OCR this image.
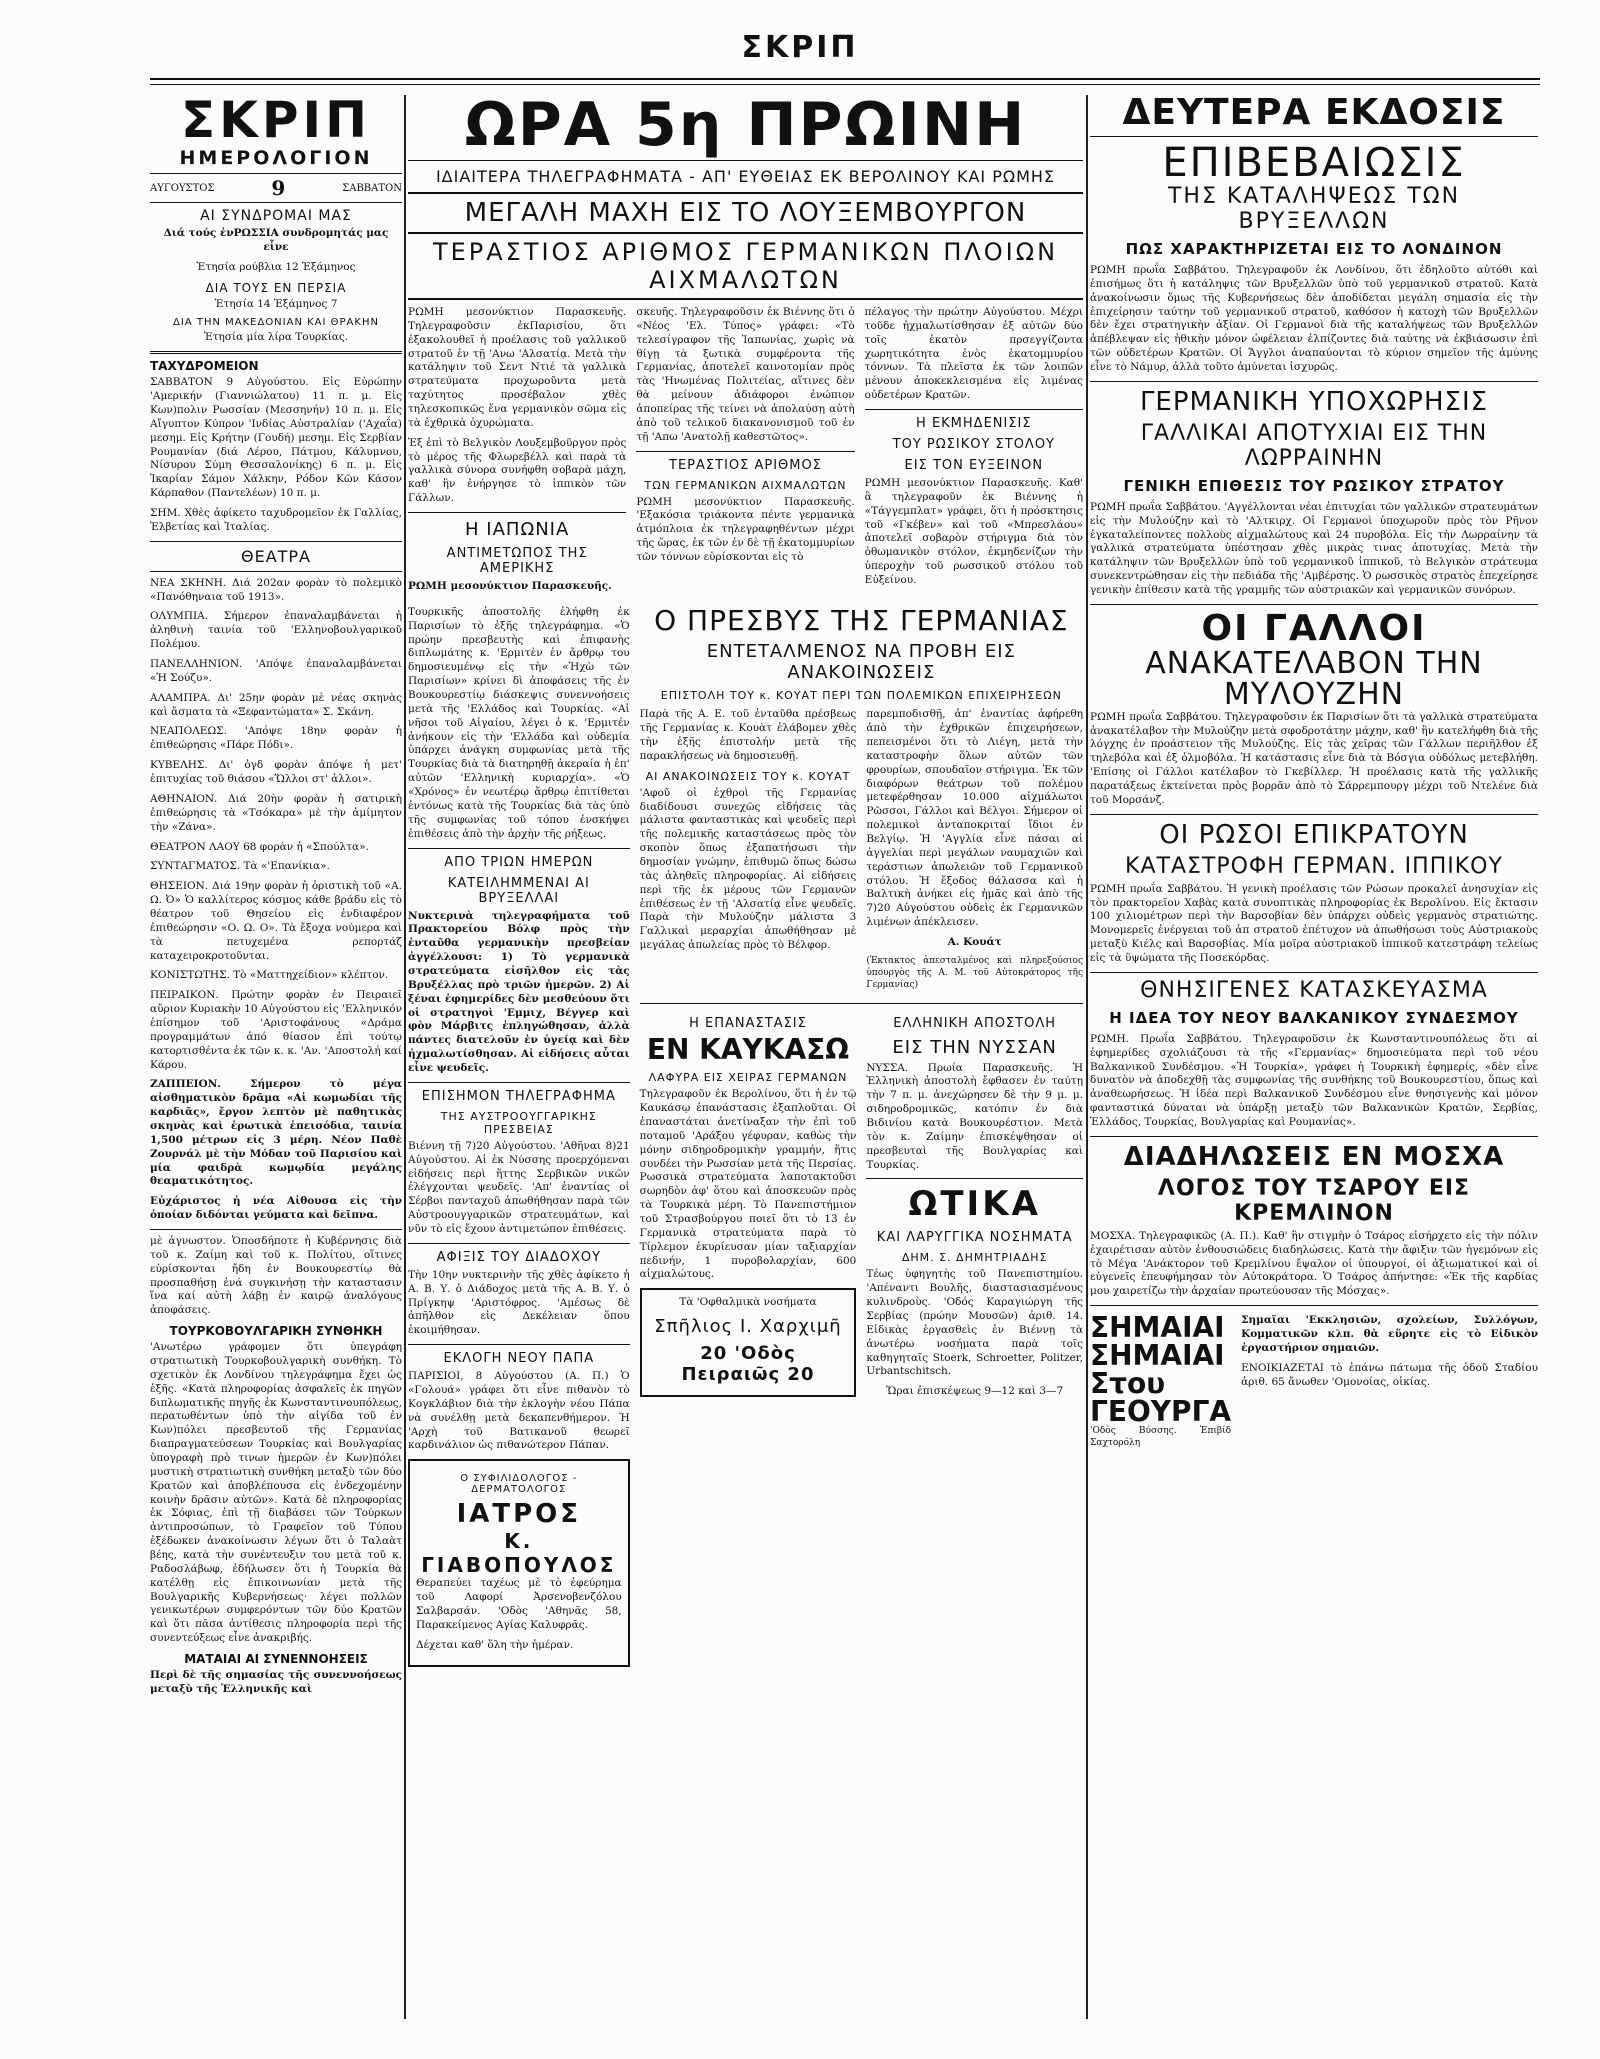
ΣΚΡΙΠ
ΣΚΡΙΠ
ΗΜΕΡΟΛΟΓΙΟΝ
ΑΥΓΟΥΣΤΟΣ	9	ΣΑΒΒΑΤΟΝ
ΑΙ ΣΥΝΔΡΟΜΑΙ ΜΑΣ

Διά τούς ἐνΡΩΣΣΙΑ συνδρομητάς μας εἶνε

Ἑτησία ρούβλια 12 Ἑξάμηνος

ΔΙΑ ΤΟΥΣ ΕΝ ΠΕΡΣΙΑ

Ἑτησία 14 Ἑξάμηνος 7

ΔΙΑ ΤΗΝ ΜΑΚΕΔΟΝΙΑΝ ΚΑΙ ΘΡΑΚΗΝ

Ἑτησία μία λίρα Τουρκίας.

ΤΑΧΥΔΡΟΜΕΙΟΝ

ΣΑΒΒΑΤΟΝ 9 Αὐγούστου. Εἰς Εὐρώπην 'Αμερικήν (Γιαννιώλατου) 11 π. μ. Εἰς Κων)πολιν Ρωσσίαν (Μεσσηνήν) 10 π. μ. Εἰς Αἴγυπτον Κύπρον 'Ινδίας Αὐστραλίαν ('Αχαΐα) μεσημ. Εἰς Κρήτην (Γουδή) μεσημ. Εἰς Σερβίαν Ρουμανίαν (διά Λέρου, Πάτμου, Κάλυμνου, Νίσυρου Σύμη Θεσσαλονίκης) 6 π. μ. Εἰς Ἰκαρίαν Σάμον Χάλκην, Ρόδον Κῶν Κάσον Κάρπαθον (Παντελέων) 10 π. μ.

ΣΗΜ. Χθὲς ἀφίκετο ταχυδρομεῖον ἐκ Γαλλίας, Ἑλβετίας καὶ Ἰταλίας.

ΘΕΑΤΡΑ

ΝΕΑ ΣΚΗΝΗ. Διά 202αν φορὰν τὸ πολεμικὸ «Πανόθηναια τοῦ 1913».

ΟΛΥΜΠΙΑ. Σήμερον ἐπαναλαμβάνεται ἡ ἀληθινὴ ταινία τοῦ 'Ελληνοβουλγαρικοῦ Πολέμου.

ΠΑΝΕΛΛΗΝΙΟΝ. 'Απόψε ἐπαναλαμβάνεται «Ἡ Σούζυ».

ΑΛΑΜΠΡΑ. Δι' 25ην φορὰν μὲ νέας σκηνὰς καὶ ἄσματα τὰ «Ξεφαντώματα» Σ. Σκάνη.

ΝΕΑΠΟΛΕΩΣ. 'Απόψε 18ην φορὰν ἡ ἐπιθεώρησις «Πάρε Πόδι».

ΚΥΒΕΛΗΣ. Δι' ὀγδ φορὰν ἀπόψε ἡ μετ' ἐπιτυχίας τοῦ θιάσου «Ὥλλοι στ' ἀλλοι».

ΑΘΗΝΑΙΟΝ. Διά 20ὴν φορὰν ἡ σατιρικὴ ἐπιθεώρησις τὰ «Τσόκαρα» μὲ τὴν ἀμίμητον τὴν «Ζάνα».

ΘΕΑΤΡΟΝ ΛΑΟΥ 68 φορὰν ἡ «Σπούλτα».

ΣΥΝΤΑΓΜΑΤΟΣ. Τὰ «'Επανίκια».

ΘΗΣΕΙΟΝ. Διά 19ην φορὰν ἡ ὁριστικὴ τοῦ «Α. Ω. Ὀ» Ὁ καλλίτερος κόσμος κάθε βράδυ εἰς τὸ θέατρον τοῦ Θησείου εἰς ἐνδιαφέρον ἐπιθεώρησιν «Ο. Ω. Ο». Τὰ ἔξοχα νούμερα καὶ τὰ πετυχεμένα ρεπορτάζ καταχειροκροτοῦνται.

ΚΟΝΙΣΤΩΤΗΣ. Τὸ «Ματτηχείδιον» κλέπτον.

ΠΕΙΡΑΙΚΟΝ. Πρώτην φορὰν ἐν Πειραιεῖ αὔριον Κυριακὴν 10 Αὐγούστου εἰς 'Ελληνικόν ἐπίσημον τοῦ 'Αριστοφάνους «Δράμα προγραμμάτων ἀπό θίασον ἐπὶ τούτῳ κατορτισθέντα ἐκ τῶν κ. κ. 'Αν. 'Αποστολή καί Κάρου.

ΖΑΠΠΕΙΟΝ. Σήμερον τὸ μέγα αἰσθηματικὸν δρᾶμα «Αἱ κωμωδίαι τῆς καρδιᾶς», ἔργον λεπτὸν μὲ παθητικὰς σκηνὰς καὶ ἐρωτικὰ ἐπεισόδια, ταινία 1,500 μέτρων εἰς 3 μέρη. Νέον Παθὲ Ζουρνάλ μὲ τὴν Μόδαν τοῦ Παρισίου καὶ μία φαιδρὰ κωμῳδία μεγάλης θεαματικότητος.

Εὐχάριστος ἡ νέα Αἰθουσα εἰς τὴν ὁποίαν διδόνται γεύματα καὶ δεῖπνα.

μὲ ἀγνωστον. Ὁποσδήποτε ἡ Κυβέρνησις διὰ τοῦ κ. Ζαίμη καὶ τοῦ κ. Πολίτου, οἵτινες εὑρίσκονται ἤδη ἐν Βουκουρεστίῳ θὰ προσπαθήσῃ ἐνά συγκινήσῃ τὴν καταστασιν ἵνα καί αὐτὴ λάβῃ ἐν καιρῷ ἀναλόγους ἀποφάσεις.

ΤΟΥΡΚΟΒΟΥΛΓΑΡΙΚΗ ΣΥΝΘΗΚΗ

'Ανωτέρω γράφομεν ὅτι ὑπεγράφη στρατιωτικὴ Τουρκοβουλγαρικὴ συνθήκη. Τὸ σχετικὸν ἐκ Λονδίνου τηλεγράφημα ἔχει ὡς ἑξῆς. «Κατὰ πληροφορίας ἀσφαλεῖς ἐκ πηγῶν διπλωματικῆς πηγῆς ἐκ Κωνσταντινουπόλεως, περατωθέντων ὑπὸ τὴν αἰγίδα τοῦ ἐν Κων)πόλει πρεσβευτοῦ τῆς Γερμανίας διαπραγματεύσεων Τουρκίας καὶ Βουλγαρίας ὑπογραφὴ πρὸ τινων ἡμερῶν ἐν Κων)πόλει μυστικὴ στρατιωτικὴ συνθήκη μεταξὺ τῶν δύο Κρατῶν καὶ ἀποβλέπουσα εἰς ἐνδεχομένην κοινὴν δρᾶσιν αὐτῶν». Κατὰ δὲ πληροφορίας ἐκ Σόφιας, ἐπὶ τῇ διαβάσει τῶν Τούρκων ἀντιπροσώπων, τὸ Γραφεῖον τοῦ Τύπου ἐξέδωκεν ἀνακοίνωσιν λέγων ὅτι ὁ Ταλαὰτ βέης, κατὰ τὴν συνέντευξιν του μετὰ τοῦ κ. Ραδοσλάβωφ, ἐδήλωσεν ὅτι ἡ Τουρκία θὰ κατέλθῃ εἰς ἐπικοινωνίαν μετὰ τῆς Βουλγαρικῆς Κυβερνήσεως· λέγει πολλῶν γενικωτέρων συμφερόντων τῶν δύο Κρατῶν καὶ ὅτι πᾶσα ἀντίθεσις πληροφορία περὶ τῆς συνεντεύξεως εἶνε ἀνακριβής.

ΜΑΤΑΙΑΙ ΑΙ ΣΥΝΕΝΝΟΗΣΕΙΣ

Περὶ δὲ τῆς σημασίας τῆς συνεννοήσεως μεταξὺ τῆς Ἑλληνικῆς καὶ

ΩΡΑ 5η ΠΡΩΙΝΗ
ΙΔΙΑΙΤΕΡΑ ΤΗΛΕΓΡΑΦΗΜΑΤΑ - ΑΠ' ΕΥΘΕΙΑΣ ΕΚ ΒΕΡΟΛΙΝΟΥ ΚΑΙ ΡΩΜΗΣ
ΜΕΓΑΛΗ ΜΑΧΗ ΕΙΣ ΤΟ ΛΟΥΞΕΜΒΟΥΡΓΟΝ
ΤΕΡΑΣΤΙΟΣ ΑΡΙΘΜΟΣ ΓΕΡΜΑΝΙΚΩΝ ΠΛΟΙΩΝ ΑΙΧΜΑΛΩΤΩΝ

ΡΩΜΗ μεσονύκτιον Παρασκευῆς. Τηλεγραφοῦσιν ἐκΠαρισίου, ὅτι ἐξακολουθεῖ ἡ προέλασις τοῦ γαλλικοῦ στρατοῦ ἐν τῇ 'Ανω 'Αλσατίᾳ. Μετὰ τὴν κατάληψιν τοῦ Σεντ Ντιέ τὰ γαλλικὰ στρατεύματα προχωροῦντα μετὰ ταχύτητος προσέβαλον χθὲς τηλεσκοπικῶς ἕνα γερμανικὸν σῶμα εἰς τὰ ἐχθρικὰ ὀχυρώματα.

Ἐξ ἐπὶ τὸ Βελγικὸν Λουξεμβοῦργον πρὸς τὸ μέρος τῆς Φλωρεβέλλ καὶ παρὰ τὰ γαλλικὰ σύνορα συνήφθη σοβαρὰ μάχη, καθ' ἣν ἐνήργησε τὸ ἱππικὸν τῶν Γάλλων.

Η ΙΑΠΩΝΙΑ
ΑΝΤΙΜΕΤΩΠΟΣ ΤΗΣ ΑΜΕΡΙΚΗΣ

ΡΩΜΗ μεσονύκτιον Παρασκευῆς.

σκευῆς. Τηλεγραφοῦσιν ἐκ Βιέννης ὅτι ὁ «Νέος 'Ελ. Τύπος» γράφει: «Τὸ τελεσίγραφον τῆς Ἰαπωνίας, χωρὶς νὰ θίγῃ τὰ ξωτικὰ συμφέροντα τῆς Γερμανίας, ἀποτελεῖ καινοτομίαν πρὸς τὰς 'Ηνωμένας Πολιτείας, αἵτινες δὲν θὰ μείνουν ἀδιάφοροι ἐνώπιον ἀποπείρας τῆς τείνει νὰ ἀπολαύσῃ αὐτὴ ἀπὸ τοῦ τελικοῦ διακανονισμοῦ τοῦ ἐν τῇ 'Απω 'Ανατολῇ καθεστῶτος».

ΤΕΡΑΣΤΙΟΣ ΑΡΙΘΜΟΣ
ΤΩΝ ΓΕΡΜΑΝΙΚΩΝ ΑΙΧΜΑΛΩΤΩΝ

ΡΩΜΗ μεσονύκτιον Παρασκευῆς. 'Εξακόσια τριάκοντα πέντε γερμανικὰ ἀτμόπλοια ἐκ τηλεγραφηθέντων μέχρι τῆς ὥρας, ἐκ τῶν ἐν δὲ τῇ ἐκατομμυρίων τῶν τόννων εὑρίσκονται εἰς τὸ

πέλαγος τὴν πρώτην Αὐγούστου. Μέχρι τοῦδε ἠχμαλωτίσθησαν ἐξ αὐτῶν δύο τοῖς ἑκατὸν πρσεγγίζοντα χωρητικότητα ἑνὸς ἑκατομμυρίου τόννων. Τὰ πλεῖστα ἐκ τῶν λοιπῶν μένουν ἀποκεκλεισμένα εἰς λιμένας οὐδετέρων Κρατῶν.

Η ΕΚΜΗΔΕΝΙΣΙΣ
ΤΟΥ ΡΩΣΙΚΟΥ ΣΤΟΛΟΥ
ΕΙΣ ΤΟΝ ΕΥΞΕΙΝΟΝ

ΡΩΜΗ μεσονύκτιον Παρασκευῆς. Καθ' ἃ τηλεγραφοῦν ἐκ Βιέννης ἡ «Τάγγεμπλατ» γράφει, ὅτι ἡ πρόσκτησις τοῦ «Γκέβεν» καὶ τοῦ «Μπρεσλάου» ἀποτελεῖ σοβαρὸν στήριγμα διὰ τὸν ὀθωμανικὸν στόλον, ἐκμηδενίζων τὴν ὑπεροχὴν τοῦ ρωσσικοῦ στόλου τοῦ Εὐξείνου.

Τουρκικῆς ἀποστολῆς ἐλήφθη ἐκ Παρισίων τὸ ἑξῆς τηλεγράφημα. «Ὁ πρώην πρεσβευτὴς καὶ ἐπιφανὴς διπλωμάτης κ. 'Ερμιτὲν ἐν ἄρθρῳ του δημοσιευμένῳ εἰς τὴν «Ἠχὼ τῶν Παρισίων» κρίνει δὶ ἀποφάσεις τῆς ἐν Βουκουρεστίῳ διάσκεψις συνεννοήσεις μετὰ τῆς 'Ελλάδος καὶ Τουρκίας. «Αἱ νῆσοι τοῦ Αἰγαίου, λέγει ὁ κ. 'Ερμιτέν ἀνήκουν εἰς τὴν 'Ελλάδα καὶ οὐδεμία ὑπάρχει ἀνάγκη συμφωνίας μετὰ τῆς Τουρκίας διὰ τὰ διατηρηθῇ ἀκεραία ἡ ἐπ' αὐτῶν 'Ελληνικὴ κυριαρχία». «Ὁ «Χρόνος» ἐν νεωτέρῳ ἄρθρῳ ἐπιτίθεται ἐντόνως κατὰ τῆς Τουρκίας διὰ τὰς ὑπὸ τῆς συμφωνίας τοῦ τόπου ἐνσκήψει ἐπιθέσεις ἀπὸ τὴν ἀρχὴν τῆς ρήξεως.

ΑΠΟ ΤΡΙΩΝ ΗΜΕΡΩΝ
ΚΑΤΕΙΛΗΜΜΕΝΑΙ ΑΙ ΒΡΥΞΕΛΛΑΙ

Νυκτερινὰ τηλεγραφήματα τοῦ Πρακτορείου Βόλφ πρὸς τὴν ἐνταῦθα γερμανικὴν πρεσβείαν ἀγγέλλουσι: 1) Τὸ γερμανικὰ στρατεύματα εἰσῆλθον εἰς τὰς Βρυξέλλας πρὸ τριῶν ἡμερῶν. 2) Αἱ ξέναι ἐφημερίδες δὲν μεσθεύουν ὅτι οἱ στρατηγοὶ 'Εμμιχ, Βέγγερ καὶ φὸν Μάρβιτς ἐπληγώθησαν, ἀλλὰ πάντες διατελοῦν ἐν ὑγείᾳ καὶ δὲν ἠχμαλωτίσθησαν. Αἱ εἰδήσεις αὗται εἶνε ψευδεῖς.

ΕΠΙΣΗΜΟΝ ΤΗΛΕΓΡΑΦΗΜΑ
ΤΗΣ ΑΥΣΤΡΟΟΥΓΓΑΡΙΚΗΣ ΠΡΕΣΒΕΙΑΣ

Βιέννη τῇ 7)20 Αὐγούστου. 'Αθῆναι 8)21 Αὐγούστου. Αἱ ἐκ Νύσσης προερχόμεναι εἰδήσεις περὶ ἥττης Σερβικῶν νικῶν ἐλέγχονται ψευδεῖς. 'Απ' ἐναντίας οἱ Σέρβοι πανταχοῦ ἀπωθήθησαν παρὰ τῶν Αὐστροουγγαρικῶν στρατευμάτων, καὶ νῦν τὸ εἰς ἔχουν ἀντιμετώπον ἐπιθέσεις.

ΑΦΙΞΙΣ ΤΟΥ ΔΙΑΔΟΧΟΥ

Τὴν 10ην νυκτερινὴν τῆς χθὲς ἀφίκετο ἡ Α. Β. Υ. ὁ Διάδοχος μετὰ τῆς Α. Β. Υ. ὁ Πρίγκηψ 'Αριστόφρος. 'Αμέσως δὲ ἀπῆλθον εἰς Δεκέλειαν ὅπου ἐκοιμήθησαν.

ΕΚΛΟΓΗ ΝΕΟΥ ΠΑΠΑ

ΠΑΡΙΣΙΟΙ, 8 Αὐγούστου (Α. Π.) Ὁ «Γολουά» γράφει ὅτι εἶνε πιθανὸν τὸ Κογκλάβιον διὰ τὴν ἐκλογὴν νέου Πάπα νὰ συνέλθῃ μετὰ δεκαπενθήμερον. Ἡ 'Αρχὴ τοῦ Βατικανοῦ θεωρεῖ καρδινάλιον ὡς πιθανώτερον Πάπαν.

Ο ΣΥΦΙΛΙΔΟΛΟΓΟΣ - ΔΕΡΜΑΤΟΛΟΓΟΣ
ΙΑΤΡΟΣ
Κ. ΓΙΑΒΟΠΟΥΛΟΣ

Θεραπεύει ταχέως μὲ τὸ ἐφεύρημα τοῦ Λαφορί Ἀρσενοβενζόλου Σαλβαρσάν. 'Οδὸς 'Αθηνᾶς 58, Παρακείμενος Αγίας Καλυφρᾶς.

Δέχεται καθ' ὅλη τὴν ἡμέραν.

Ο ΠΡΕΣΒΥΣ ΤΗΣ ΓΕΡΜΑΝΙΑΣ
ΕΝΤΕΤΑΛΜΕΝΟΣ ΝΑ ΠΡΟΒΗ ΕΙΣ ΑΝΑΚΟΙΝΩΣΕΙΣ
ΕΠΙΣΤΟΛΗ ΤΟΥ κ. ΚΟΥΑΤ ΠΕΡΙ ΤΩΝ ΠΟΛΕΜΙΚΩΝ ΕΠΙΧΕΙΡΗΣΕΩΝ

Παρὰ τῆς Α. Ε. τοῦ ἐνταῦθα πρέσβεως τῆς Γερμανίας κ. Κουὰτ ἐλάβομεν χθὲς τὴν ἑξῆς ἐπιστολήν μετὰ τῆς παρακλήσεως νὰ δημοσιευθῇ.

ΑΙ ΑΝΑΚΟΙΝΩΣΕΙΣ ΤΟΥ κ. ΚΟΥΑΤ

'Αφοῦ οἱ ἐχθροὶ τῆς Γερμανίας διαδίδουσι συνεχῶς εἰδήσεις τὰς μάλιστα φανταστικὰς καὶ ψευδεῖς περὶ τῆς πολεμικῆς καταστάσεως πρὸς τὸν σκοπὸν ὅπως ἐξαπατήσωσι τὴν δημοσίαν γνώμην, ἐπιθυμῶ ὅπως δώσω τὰς ἀληθεῖς πληροφορίας. Αἱ εἰδήσεις περὶ τῆς ἐκ μέρους τῶν Γερμανῶν ἐπιθέσεως ἐν τῇ 'Αλσατίᾳ εἶνε ψευδεῖς. Παρὰ τὴν Μυλούζην μάλιστα 3 Γαλλικαὶ μεραρχίαι ἀπωθήθησαν μὲ μεγάλας ἀπωλείας πρὸς τὸ Βέλφορ.

παρεμποδισθῇ, ἀπ' ἐναντίας ἀφήρεθη ἀπὸ τὴν ἐχθρικῶν ἐπιχειρήσεων, πεπεισμένοι ὅτι τὸ Λιέγη, μετὰ τὴν καταστροφὴν ὅλων αὐτῶν τῶν φρουρίων, σπουδαῖον στήριγμα. Ἐκ τῶν διαφόρων θεάτρων τοῦ πολέμου μετεφέρθησαν 10.000 αἰχμάλωτοι Ρῶσσοι, Γάλλοι καὶ Βέλγοι. Σήμερον οἱ πολεμικοὶ ἀνταποκριταί ἴδιοι ἐν Βελγίῳ. Ἡ 'Αγγλία εἶνε πάσαι αἱ ἀγγελίαι περὶ μεγάλων ναυμαχιῶν καὶ τεράστιων ἀπωλειῶν τοῦ Γερμανικοῦ στόλου. Ἡ ἔξοδος θάλασσα καὶ ἡ Βαλτικὴ ἀνήκει εἰς ἡμᾶς καὶ ἀπὸ τῆς 7)20 Αὐγούστου οὐδεὶς ἐκ Γερμανικῶν λιμένων ἀπέκλεισεν.

Α. Κουάτ

(Ἐκτακτος ἀπεσταλμένος καὶ πληρεξούσιος ὑπουργὸς τῆς Α. Μ. τοῦ Αὐτοκράτορος τῆς Γερμανίας)

Η ΕΠΑΝΑΣΤΑΣΙΣ
ΕΝ ΚΑΥΚΑΣΩ
ΛΑΦΥΡΑ ΕΙΣ ΧΕΙΡΑΣ ΓΕΡΜΑΝΩΝ

Τηλεγραφοῦν ἐκ Βερολίνου, ὅτι ἡ ἐν τῷ Καυκάσῳ ἐπανάστασις ἐξαπλοῦται. Οἱ ἐπαναστάται ἀνετίναξαν τὴν ἐπὶ τοῦ ποταμοῦ 'Αράξου γέφυραν, καθὼς τὴν μόνην σιδηροδρομικὴν γραμμήν, ἥτις συνδέει τὴν Ρωσσίαν μετὰ τῆς Περσίας. Ρωσσικὰ στρατεύματα λαποτακτοῦσι σωρηδὸν ἀφ' ὅτου καὶ ἀποσκευῶν πρὸς τὰ Τουρκικὰ μέρη. Τὸ Πανεπιστήμιον τοῦ Στρασβούργου ποιεῖ ὅτι τὸ 13 ἐν Γερμανικὰ στρατεύματα παρὰ τὸ Τίρλεμον ἐκυρίευσαν μίαν ταξιαρχίαν πεδινήν, 1 πυροβολαρχίαν, 600 αἰχμαλώτους.

Τὰ 'Οφθαλμικὰ νοσήματα

Σπῆλιος Ι. Χαρχιμῆ
20 'Οδὸς Πειραιῶς 20
ΕΛΛΗΝΙΚΗ ΑΠΟΣΤΟΛΗ
ΕΙΣ ΤΗΝ ΝΥΣΣΑΝ

ΝΥΣΣΑ. Πρωία Παρασκευῆς. Ἡ Ἑλληνικὴ ἀποστολὴ ἔφθασεν ἐν ταύτῃ τὴν 7 π. μ. ἀνεχώρησεν δὲ τὴν 9 μ. μ. σιδηροδρομικῶς, κατόπιν ἐν διὰ Βιδινίου κατὰ Βουκουρέστιον. Μετὰ τὸν κ. Ζαίμην ἐπισκέψθησαν οἱ πρεσβευταὶ τῆς Βουλγαρίας καὶ Τουρκίας.

ΩΤΙΚΑ
ΚΑΙ ΛΑΡΥΓΓΙΚΑ ΝΟΣΗΜΑΤΑ
ΔΗΜ. Σ. ΔΗΜΗΤΡΙΑΔΗΣ

Τέως ὑφηγητὴς τοῦ Πανεπιστημίου. 'Απέναντι Βουλῆς, διαστασιασμένους κυλινδροὺς. 'Οδός Καραγιώργη τῆς Σερβίας (πρώην Μουσῶν) ἀριθ. 14. Εἰδικὰς ἐργασθεὶς ἐν Βιέννῃ τὰ ἀνωτέρω νοσήματα παρὰ τοῖς καθηγηταῖς Stoerk, Schroetter, Politzer, Urbantschitsch.

Ὥραι ἐπισκέψεως 9—12 καὶ 3—7

ΔΕΥΤΕΡΑ ΕΚΔΟΣΙΣ
ΕΠΙΒΕΒΑΙΩΣΙΣ
ΤΗΣ ΚΑΤΑΛΗΨΕΩΣ ΤΩΝ ΒΡΥΞΕΛΛΩΝ
ΠΩΣ ΧΑΡΑΚΤΗΡΙΖΕΤΑΙ ΕΙΣ ΤΟ ΛΟΝΔΙΝΟΝ

ΡΩΜΗ πρωΐα Σαββάτου. Τηλεγραφοῦν ἐκ Λονδίνου, ὅτι ἐδηλοῦτο αὐτόθι καὶ ἐπισήμως ὅτι ἡ κατάληψις τῶν Βρυξελλῶν ὑπὸ τοῦ γερμανικοῦ στρατοῦ. Κατὰ ἀνακοίνωσιν ὅμως τῆς Κυβερνήσεως δὲν ἀποδίδεται μεγάλη σημασία εἰς τὴν ἐπιχείρησιν ταύτην τοῦ γερμανικοῦ στρατοῦ, καθόσον ἡ κατοχὴ τῶν Βρυξελλῶν δὲν ἔχει στρατηγικὴν ἀξίαν. Οἱ Γερμανοὶ διὰ τῆς καταλήψεως τῶν Βρυξελλῶν ἀπέβλεψαν εἰς ἠθικὴν μόνον ὠφέλειαν ἐλπίζοντες διὰ ταύτης νὰ ἐκβιάσωσιν ἐπὶ τῶν οὐδετέρων Κρατῶν. Οἱ Ἄγγλοι ἀναπαύονται τὸ κύριον σημεῖον τῆς ἀμύνης εἶνε τὸ Νάμυρ, ἀλλὰ τοῦτο ἀμύνεται ἰσχυρῶς.

ΓΕΡΜΑΝΙΚΗ ΥΠΟΧΩΡΗΣΙΣ
ΓΑΛΛΙΚΑΙ ΑΠΟΤΥΧΙΑΙ ΕΙΣ ΤΗΝ ΛΩΡΡΑΙΝΗΝ
ΓΕΝΙΚΗ ΕΠΙΘΕΣΙΣ ΤΟΥ ΡΩΣΙΚΟΥ ΣΤΡΑΤΟΥ

ΡΩΜΗ πρωΐα Σαββάτου. 'Αγγέλλονται νέαι ἐπιτυχίαι τῶν γαλλικῶν στρατευμάτων εἰς τὴν Μυλούζην καὶ τὸ 'Αλτκιρχ. Οἱ Γερμανοὶ ὑποχωροῦν πρὸς τὸν Ρῆνον ἐγκαταλείποντες πολλοὺς αἰχμαλώτους καὶ 24 πυροβόλα. Εἰς τὴν Λωρραίνην τὰ γαλλικὰ στρατεύματα ὑπέστησαν χθὲς μικρὰς τινας ἀποτυχίας. Μετὰ τὴν κατάληψιν τῶν Βρυξελλῶν ὑπὸ τοῦ γερμανικοῦ ἱππικοῦ, τὸ Βελγικὸν στράτευμα συνεκεντρώθησαν εἰς τὴν πεδιάδα τῆς 'Αμβέρσης. Ὁ ρωσσικὸς στρατὸς ἐπεχείρησε γενικὴν ἐπίθεσιν κατὰ τῆς γραμμῆς τῶν αὐστριακῶν καὶ γερμανικῶν συνόρων.

ΟΙ ΓΑΛΛΟΙ
ΑΝΑΚΑΤΕΛΑΒΟΝ ΤΗΝ ΜΥΛΟΥΖΗΝ

ΡΩΜΗ πρωΐα Σαββάτου. Τηλεγραφοῦσιν ἐκ Παρισίων ὅτι τὰ γαλλικὰ στρατεύματα ἀνακατέλαβον τὴν Μυλούζην μετὰ σφοδροτάτην μάχην, καθ' ἣν κατελήφθη διὰ τῆς λόγχης ἐν προάστειον τῆς Μυλούζης. Εἰς τὰς χεῖρας τῶν Γάλλων περιῆλθον ἐξ τηλεβόλα καὶ ἐξ ὀλμοβόλα. Ἡ κατάστασις εἶνε διὰ τὰ Βόσγια οὐδόλως μετεβλήθη. 'Επίσης οἱ Γάλλοι κατέλαβον τὸ Γκεβίλλερ. Ἡ προέλασις κατὰ τῆς γαλλικῆς παρατάξεως ἐκτείνεται πρὸς βορρᾶν ἀπὸ τὸ Σάρρεμπουργ μέχρι τοῦ Ντελένε διὰ τοῦ Μορσάνζ.

ΟΙ ΡΩΣΟΙ ΕΠΙΚΡΑΤΟΥΝ
ΚΑΤΑΣΤΡΟΦΗ ΓΕΡΜΑΝ. ΙΠΠΙΚΟΥ

ΡΩΜΗ πρωΐα Σαββάτου. Ἡ γενικὴ προέλασις τῶν Ρώσων προκαλεῖ ἀνησυχίαν εἰς τὸν πρακτορεῖον Χαβὰς κατὰ συνοπτικὰς πληροφορίας ἐκ Βερολίνου. Εἰς ἔκτασιν 100 χιλιομέτρων περὶ τὴν Βαρσοβίαν δὲν ὑπάρχει οὐδεὶς γερμανὸς στρατιώτης. Μονομερεῖς ἐνέργειαι τοῦ ἀπ στρατοῦ ἐπέτυχον νὰ ἀπωθήσωσι τοὺς Αὐστριακοὺς μεταξὺ Κιέλς καὶ Βαρσοβίας. Μία μοῖρα αὐστριακοῦ ἱππικοῦ κατεστράφη τελείως εἰς τὰ ὕψώματα τῆς Ποσεκόρδας.

ΘΝΗΣΙΓΕΝΕΣ ΚΑΤΑΣΚΕΥΑΣΜΑ
Η ΙΔΕΑ ΤΟΥ ΝΕΟΥ ΒΑΛΚΑΝΙΚΟΥ ΣΥΝΔΕΣΜΟΥ

ΡΩΜΗ. Πρωΐα Σαββάτου. Τηλεγραφοῦσιν ἐκ Κωνσταντινουπόλεως ὅτι αἱ ἐφημερίδες σχολιάζουσι τὰ τῆς «Γερμανίας» δημοσιεύματα περὶ τοῦ νέου Βαλκανικοῦ Συνδέσμου. «Ἡ Τουρκία», γράφει ἡ Τουρκικὴ ἐφημερίς, «δὲν εἶνε δυνατὸν νὰ ἀποδεχθῇ τὰς συμφωνίας τῆς συνθήκης τοῦ Βουκουρεστίου, ὅπως καὶ ἀναθεωρήσεως. Ἡ ἰδέα περὶ Βαλκανικοῦ Συνδέσμου εἶνε θνησιγενὴς καὶ μόνον φανταστικά δύναται νὰ ὑπάρξῃ μεταξὺ τῶν Βαλκανικῶν Κρατῶν, Σερβίας, Ἑλλάδος, Τουρκίας, Βουλγαρίας καὶ Ρουμανίας».

ΔΙΑΔΗΛΩΣΕΙΣ ΕΝ ΜΟΣΧΑ
ΛΟΓΟΣ ΤΟΥ ΤΣΑΡΟΥ ΕΙΣ ΚΡΕΜΛΙΝΟΝ

ΜΟΣΧΑ. Τηλεγραφικῶς (Α. Π.). Καθ' ἣν στιγμὴν ὁ Τσάρος εἰσήρχετο εἰς τὴν πόλιν ἐχαιρέτισαν αὐτὸν ἐνθουσιώδεις διαδηλώσεις. Κατὰ τὴν ἄφιξιν τῶν ἡγεμόνων εἰς τὸ Μέγα 'Ανάκτορον τοῦ Κρεμλίνου ἔψαλον οἱ ὑπουργοί, οἱ ἀξιωματικοί καὶ οἱ εὐγενεῖς ἐπευφήμησαν τὸν Αὐτοκράτορα. Ὁ Τσάρος ἀπήντησε: «Ἐκ τῆς καρδίας μου χαιρετίζω τὴν ἀρχαίαν πρωτεύουσαν τῆς Μόσχας».

ΣΗΜΑΙΑΙ
ΣΗΜΑΙΑΙ
Στου ΓΕΟΥΡΓΑ

'Οδὸς Βύσσης. Ἐπιβίδ Σαχτορόλη

Σημαῖαι 'Εκκλησιῶν, σχολείων, Συλλόγων, Κομματικῶν κλπ. θὰ εὕρητε εἰς τὸ Εἰδικὸν ἐργαστήριον σημαιῶν.

ΕΝΟΙΚΙΑΖΕΤΑΙ τὸ ἐπάνω πάτωμα τῆς ὁδοῦ Σταδίου ἀριθ. 65 ἄνωθεν 'Ομονοίας, οἰκίας.
